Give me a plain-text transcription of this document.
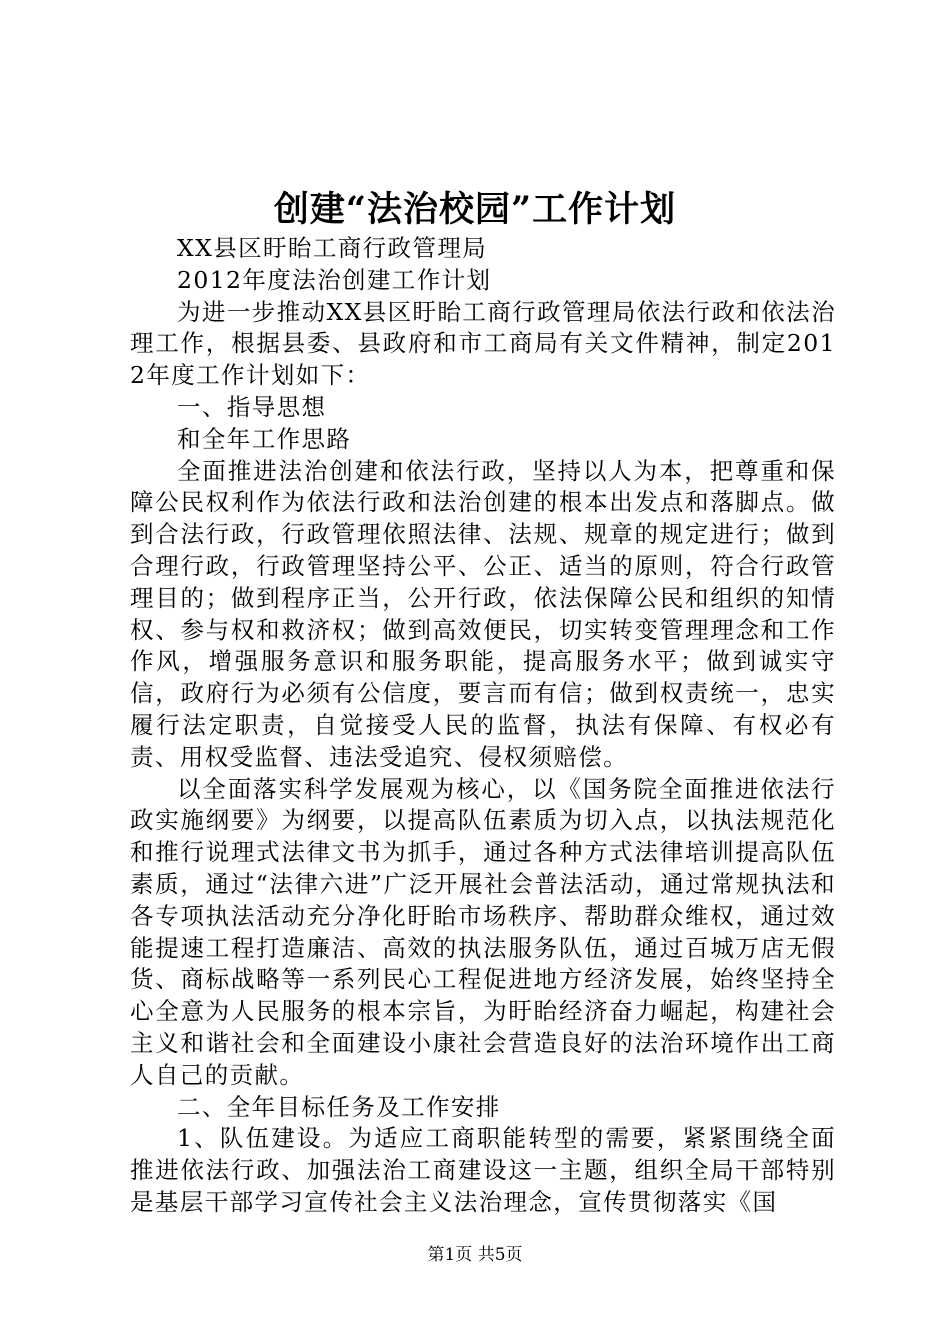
创建“法治校园”工作计划

XX县区盱眙工商行政管理局

2012年度法治创建工作计划

为进一步推动XX县区盱眙工商行政管理局依法行政和依法治理工作，根据县委、县政府和市工商局有关文件精神，制定2012年度工作计划如下：

一、指导思想

和全年工作思路

全面推进法治创建和依法行政，坚持以人为本，把尊重和保障公民权利作为依法行政和法治创建的根本出发点和落脚点。做到合法行政，行政管理依照法律、法规、规章的规定进行；做到合理行政，行政管理坚持公平、公正、适当的原则，符合行政管理目的；做到程序正当，公开行政，依法保障公民和组织的知情权、参与权和救济权；做到高效便民，切实转变管理理念和工作作风，增强服务意识和服务职能，提高服务水平；做到诚实守信，政府行为必须有公信度，要言而有信；做到权责统一，忠实履行法定职责，自觉接受人民的监督，执法有保障、有权必有责、用权受监督、违法受追究、侵权须赔偿。

以全面落实科学发展观为核心，以《国务院全面推进依法行政实施纲要》为纲要，以提高队伍素质为切入点，以执法规范化和推行说理式法律文书为抓手，通过各种方式法律培训提高队伍素质，通过“法律六进”广泛开展社会普法活动，通过常规执法和各专项执法活动充分净化盱眙市场秩序、帮助群众维权，通过效能提速工程打造廉洁、高效的执法服务队伍，通过百城万店无假货、商标战略等一系列民心工程促进地方经济发展，始终坚持全心全意为人民服务的根本宗旨，为盱眙经济奋力崛起，构建社会主义和谐社会和全面建设小康社会营造良好的法治环境作出工商人自己的贡献。

二、全年目标任务及工作安排

1、队伍建设。为适应工商职能转型的需要，紧紧围绕全面推进依法行政、加强法治工商建设这一主题，组织全局干部特别是基层干部学习宣传社会主义法治理念，宣传贯彻落实《国

第1页 共5页
